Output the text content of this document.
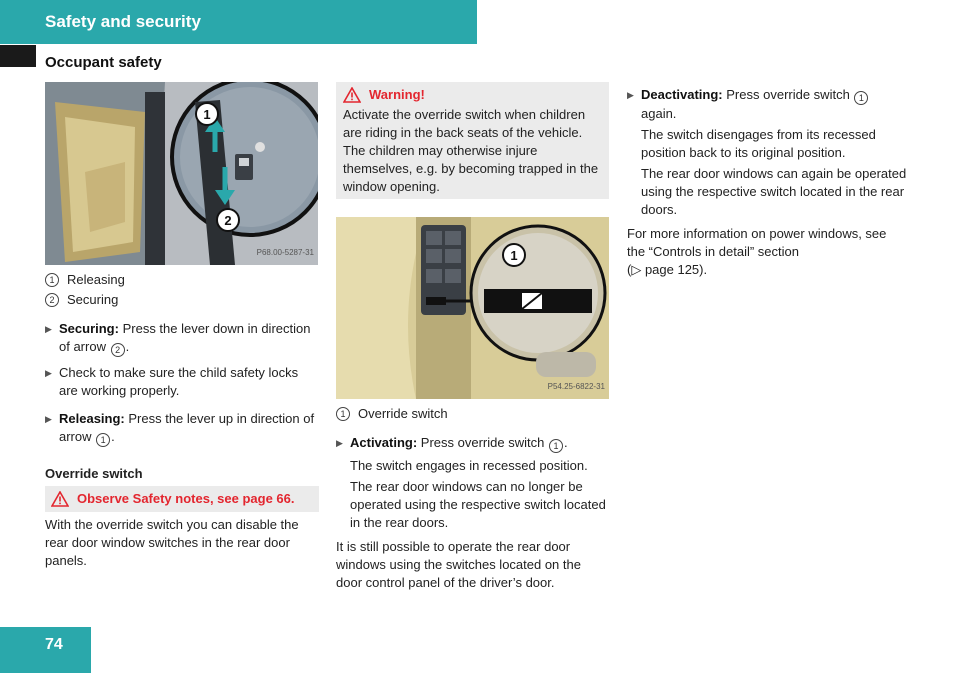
Safety and security
Occupant safety
1
2
P68.00-5287-31
1 Releasing
2 Securing
▶ Securing: Press the lever down in direction of arrow 2 .
▶ Check to make sure the child safety locks are working properly.
▶ Releasing: Press the lever up in direction of arrow 1 .
Override switch
Observe Safety notes, see page 66.
With the override switch you can disable the rear door window switches in the rear door panels.
Warning!
Activate the override switch when children are riding in the back seats of the vehicle. The children may otherwise injure themselves, e.g. by becoming trapped in the window opening.
1
P54.25-6822-31
1 Override switch
▶ Activating: Press override switch 1 .
The switch engages in recessed position.
The rear door windows can no longer be operated using the respective switch located in the rear doors.
It is still possible to operate the rear door windows using the switches located on the door control panel of the driver’s door.
▶ Deactivating: Press override switch 1
again.
The switch disengages from its recessed position back to its original position.
The rear door windows can again be operated using the respective switch located in the rear doors.
For more information on power windows, see the “Controls in detail” section
(▷ page 125).
74
